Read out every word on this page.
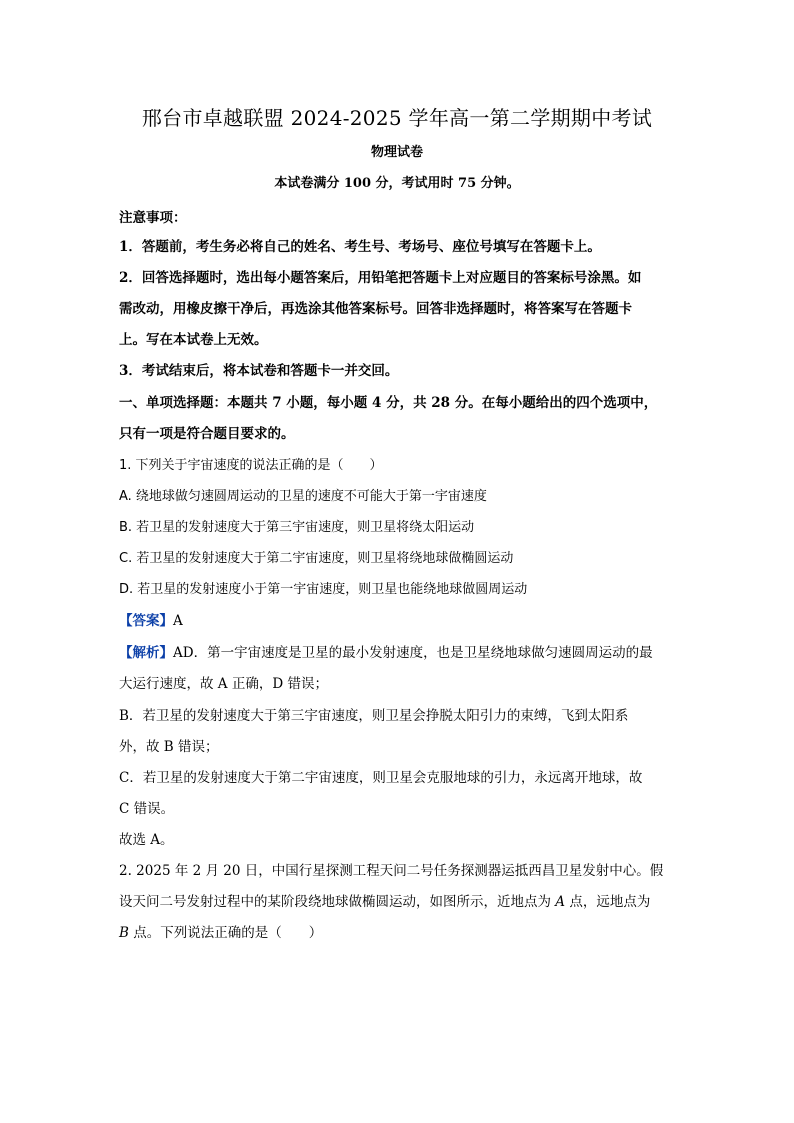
邢台市卓越联盟 2024-2025 学年高一第二学期期中考试
物理试卷
本试卷满分 100 分，考试用时 75 分钟。
注意事项：
1．答题前，考生务必将自己的姓名、考生号、考场号、座位号填写在答题卡上。
2．回答选择题时，选出每小题答案后，用铅笔把答题卡上对应题目的答案标号涂黑。如
需改动，用橡皮擦干净后，再选涂其他答案标号。回答非选择题时，将答案写在答题卡
上。写在本试卷上无效。
3．考试结束后，将本试卷和答题卡一并交回。
一、单项选择题：本题共 7 小题，每小题 4 分，共 28 分。在每小题给出的四个选项中，
只有一项是符合题目要求的。
1. 下列关于宇宙速度的说法正确的是（　　）
A. 绕地球做匀速圆周运动的卫星的速度不可能大于第一宇宙速度
B. 若卫星的发射速度大于第三宇宙速度，则卫星将绕太阳运动
C. 若卫星的发射速度大于第二宇宙速度，则卫星将绕地球做椭圆运动
D. 若卫星的发射速度小于第一宇宙速度，则卫星也能绕地球做圆周运动
【答案】A
【解析】AD．第一宇宙速度是卫星的最小发射速度，也是卫星绕地球做匀速圆周运动的最
大运行速度，故 A 正确，D 错误；
B．若卫星的发射速度大于第三宇宙速度，则卫星会挣脱太阳引力的束缚，飞到太阳系
外，故 B 错误；
C．若卫星的发射速度大于第二宇宙速度，则卫星会克服地球的引力，永远离开地球，故
C 错误。
故选 A。
2. 2025 年 2 月 20 日，中国行星探测工程天问二号任务探测器运抵西昌卫星发射中心。假
设天问二号发射过程中的某阶段绕地球做椭圆运动，如图所示，近地点为 A 点，远地点为
B 点。下列说法正确的是（　　）
